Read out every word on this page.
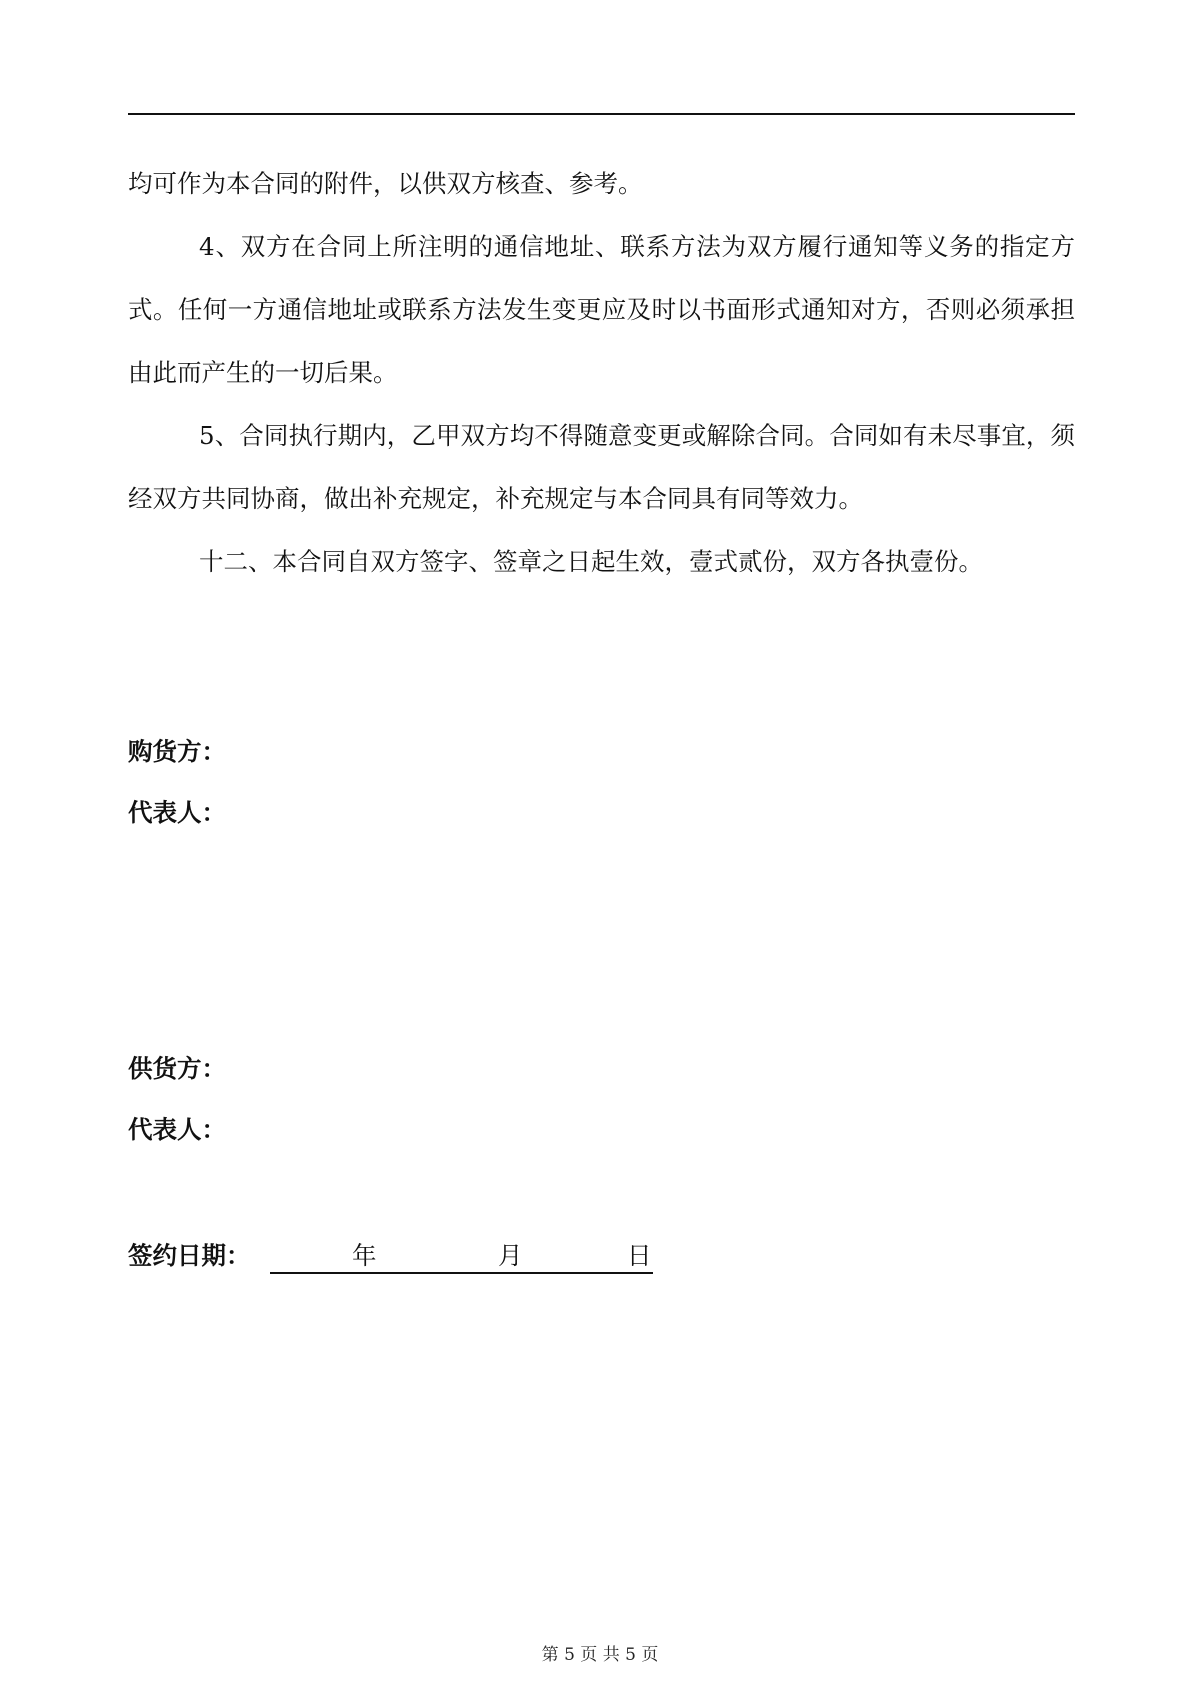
均可作为本合同的附件，以供双方核查、参考。

4、双方在合同上所注明的通信地址、联系方法为双方履行通知等义务的指定方式。任何一方通信地址或联系方法发生变更应及时以书面形式通知对方，否则必须承担由此而产生的一切后果。

5、合同执行期内，乙甲双方均不得随意变更或解除合同。合同如有未尽事宜，须经双方共同协商，做出补充规定，补充规定与本合同具有同等效力。

十二、本合同自双方签字、签章之日起生效，壹式贰份，双方各执壹份。

购货方：
代表人：
供货方：
代表人：
签约日期：	年	月	日
第 5 页 共 5 页
